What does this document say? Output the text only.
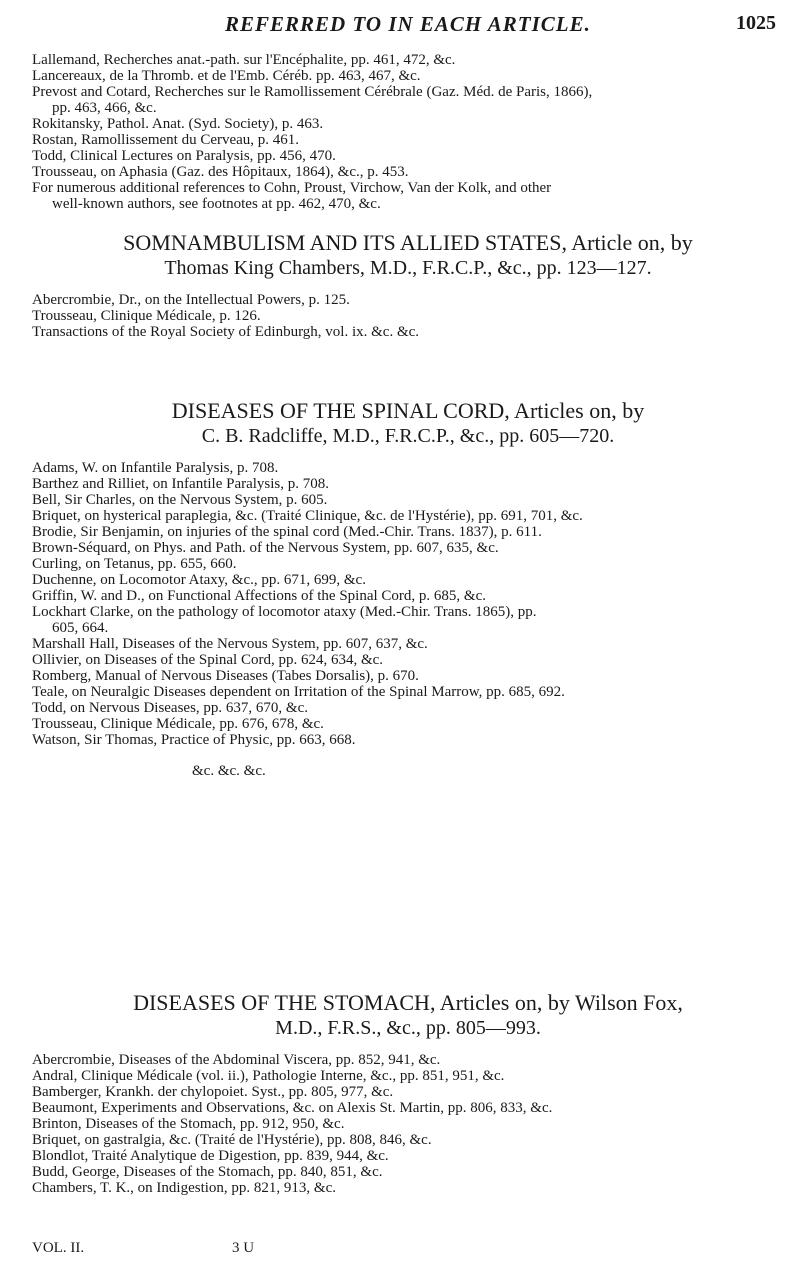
REFERRED TO IN EACH ARTICLE.	1025

Lallemand, Recherches anat.-path. sur l'Encéphalite, pp. 461, 472, &c.

Lancereaux, de la Thromb. et de l'Emb. Céréb. pp. 463, 467, &c.

Prevost and Cotard, Recherches sur le Ramollissement Cérébrale (Gaz. Méd. de Paris, 1866),

pp. 463, 466, &c.

Rokitansky, Pathol. Anat. (Syd. Society), p. 463.

Rostan, Ramollissement du Cerveau, p. 461.

Todd, Clinical Lectures on Paralysis, pp. 456, 470.

Trousseau, on Aphasia (Gaz. des Hôpitaux, 1864), &c., p. 453.

For numerous additional references to Cohn, Proust, Virchow, Van der Kolk, and other

well-known authors, see footnotes at pp. 462, 470, &c.

SOMNAMBULISM AND ITS ALLIED STATES, Article on, by

Thomas King Chambers, M.D., F.R.C.P., &c., pp. 123—127.

Abercrombie, Dr., on the Intellectual Powers, p. 125.

Trousseau, Clinique Médicale, p. 126.

Transactions of the Royal Society of Edinburgh, vol. ix. &c. &c.

DISEASES OF THE SPINAL CORD, Articles on, by

C. B. Radcliffe, M.D., F.R.C.P., &c., pp. 605—720.

Adams, W. on Infantile Paralysis, p. 708.

Barthez and Rilliet, on Infantile Paralysis, p. 708.

Bell, Sir Charles, on the Nervous System, p. 605.

Briquet, on hysterical paraplegia, &c. (Traité Clinique, &c. de l'Hystérie), pp. 691, 701, &c.

Brodie, Sir Benjamin, on injuries of the spinal cord (Med.-Chir. Trans. 1837), p. 611.

Brown-Séquard, on Phys. and Path. of the Nervous System, pp. 607, 635, &c.

Curling, on Tetanus, pp. 655, 660.

Duchenne, on Locomotor Ataxy, &c., pp. 671, 699, &c.

Griffin, W. and D., on Functional Affections of the Spinal Cord, p. 685, &c.

Lockhart Clarke, on the pathology of locomotor ataxy (Med.-Chir. Trans. 1865), pp.

605, 664.

Marshall Hall, Diseases of the Nervous System, pp. 607, 637, &c.

Ollivier, on Diseases of the Spinal Cord, pp. 624, 634, &c.

Romberg, Manual of Nervous Diseases (Tabes Dorsalis), p. 670.

Teale, on Neuralgic Diseases dependent on Irritation of the Spinal Marrow, pp. 685, 692.

Todd, on Nervous Diseases, pp. 637, 670, &c.

Trousseau, Clinique Médicale, pp. 676, 678, &c.

Watson, Sir Thomas, Practice of Physic, pp. 663, 668.

&c. &c. &c.

DISEASES OF THE STOMACH, Articles on, by Wilson Fox,

M.D., F.R.S., &c., pp. 805—993.

Abercrombie, Diseases of the Abdominal Viscera, pp. 852, 941, &c.

Andral, Clinique Médicale (vol. ii.), Pathologie Interne, &c., pp. 851, 951, &c.

Bamberger, Krankh. der chylopoiet. Syst., pp. 805, 977, &c.

Beaumont, Experiments and Observations, &c. on Alexis St. Martin, pp. 806, 833, &c.

Brinton, Diseases of the Stomach, pp. 912, 950, &c.

Briquet, on gastralgia, &c. (Traité de l'Hystérie), pp. 808, 846, &c.

Blondlot, Traité Analytique de Digestion, pp. 839, 944, &c.

Budd, George, Diseases of the Stomach, pp. 840, 851, &c.

Chambers, T. K., on Indigestion, pp. 821, 913, &c.

VOL. II.	3 U
